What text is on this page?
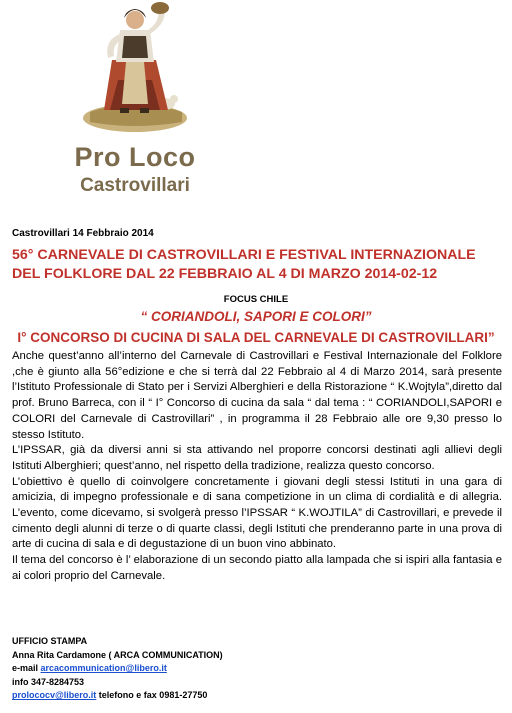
Pro Loco
Castrovillari
Castrovillari 14 Febbraio 2014
56° CARNEVALE DI CASTROVILLARI E FESTIVAL INTERNAZIONALE DEL FOLKLORE DAL 22 FEBBRAIO AL 4 DI MARZO 2014-02-12
FOCUS CHILE
“ CORIANDOLI, SAPORI E COLORI”
I° CONCORSO DI CUCINA DI SALA DEL CARNEVALE DI CASTROVILLARI”

Anche quest’anno all’interno del Carnevale di Castrovillari e Festival Internazionale del Folklore ,che è giunto alla 56°edizione e che si terrà dal 22 Febbraio al 4 di Marzo 2014, sarà presente l’Istituto Professionale di Stato per i Servizi Alberghieri e della Ristorazione “ K.Wojtyla”,diretto dal prof. Bruno Barreca, con il “ I° Concorso di cucina da sala “ dal tema : “ CORIANDOLI,SAPORI e COLORI del Carnevale di Castrovillari” , in programma il 28 Febbraio alle ore 9,30 presso lo stesso Istituto.

L’IPSSAR, già da diversi anni si sta attivando nel proporre concorsi destinati agli allievi degli Istituti Alberghieri; quest’anno, nel rispetto della tradizione, realizza questo concorso.

L’obiettivo è quello di coinvolgere concretamente i giovani degli stessi Istituti in una gara di amicizia, di impegno professionale e di sana competizione in un clima di cordialità e di allegria. L’evento, come dicevamo, si svolgerà presso l’IPSSAR “ K.WOJTILA” di Castrovillari, e prevede il cimento degli alunni di terze o di quarte classi, degli Istituti che prenderanno parte in una prova di arte di cucina di sala e di degustazione di un buon vino abbinato.

Il tema del concorso è l’ elaborazione di un secondo piatto alla lampada che si ispiri alla fantasia e ai colori proprio del Carnevale.

UFFICIO STAMPA
Anna Rita Cardamone ( ARCA COMMUNICATION)
e-mail arcacommunication@libero.it
info 347-8284753
prolococv@libero.it telefono e fax 0981-27750
